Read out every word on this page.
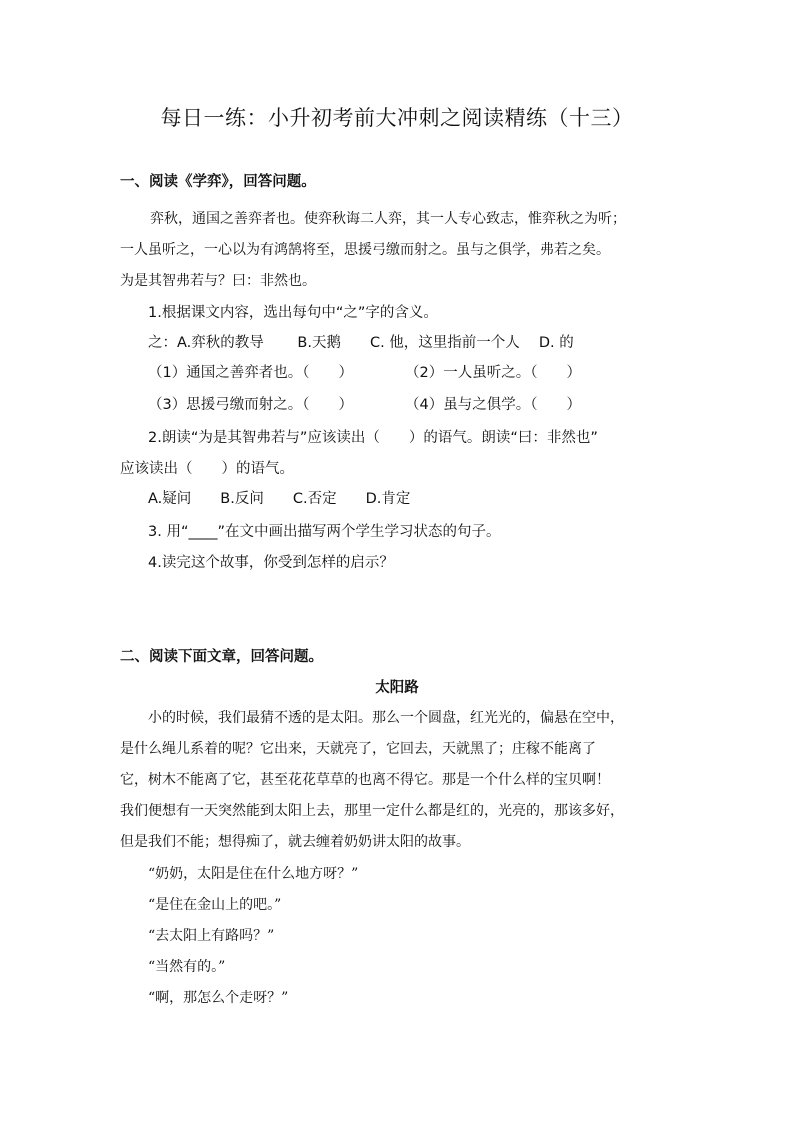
每日一练：小升初考前大冲刺之阅读精练（十三）
一、阅读《学弈》，回答问题。
弈秋，通国之善弈者也。使弈秋诲二人弈，其一人专心致志，惟弈秋之为听；
一人虽听之，一心以为有鸿鹄将至，思援弓缴而射之。虽与之俱学，弗若之矣。
为是其智弗若与？曰：非然也。
1.根据课文内容，选出每句中“之”字的含义。
之：A.弈秋的教导　　 B.天鹅　　C. 他，这里指前一个人　 D. 的
（1）通国之善弈者也。（　　）	（2）一人虽听之。（　　）
（3）思援弓缴而射之。（　　）	（4）虽与之俱学。（　　）
2.朗读“为是其智弗若与”应该读出（　　）的语气。朗读“曰：非然也”
应该读出（　　）的语气。
A.疑问　　B.反问　　C.否定　　D.肯定
3. 用“____”在文中画出描写两个学生学习状态的句子。
4.读完这个故事，你受到怎样的启示？
二、阅读下面文章，回答问题。
太阳路
小的时候，我们最猜不透的是太阳。那么一个圆盘，红光光的，偏悬在空中，
是什么绳儿系着的呢？它出来，天就亮了，它回去，天就黑了；庄稼不能离了
它，树木不能离了它，甚至花花草草的也离不得它。那是一个什么样的宝贝啊！
我们便想有一天突然能到太阳上去，那里一定什么都是红的，光亮的，那该多好，
但是我们不能；想得痴了，就去缠着奶奶讲太阳的故事。
“奶奶，太阳是住在什么地方呀？”
“是住在金山上的吧。”
“去太阳上有路吗？”
“当然有的。”
“啊，那怎么个走呀？”
